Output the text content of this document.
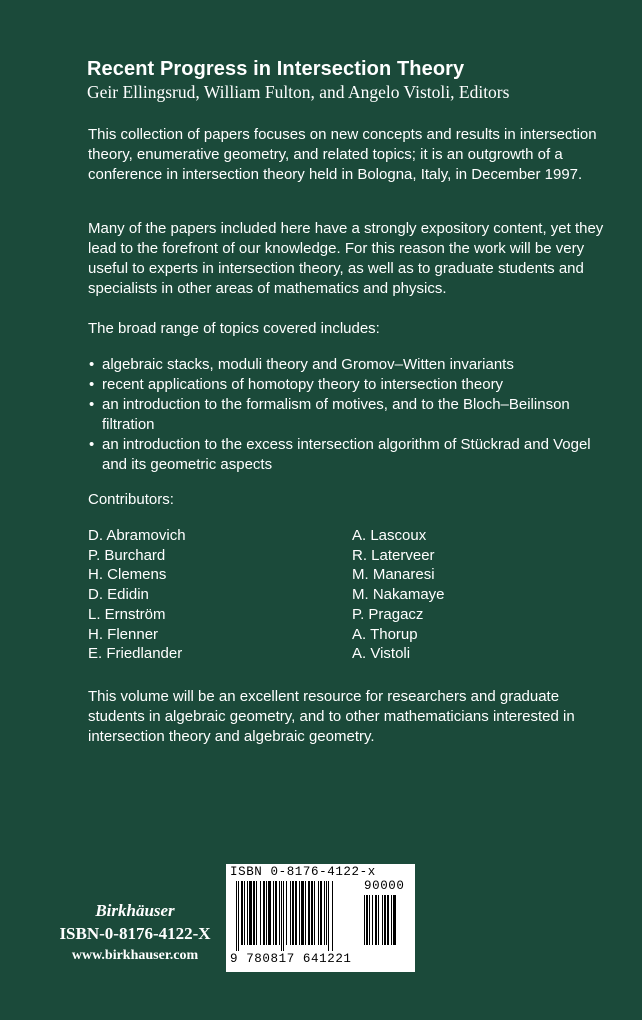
Recent Progress in Intersection Theory
Geir Ellingsrud, William Fulton, and Angelo Vistoli, Editors

This collection of papers focuses on new concepts and results in intersection theory, enumerative geometry, and related topics; it is an outgrowth of a conference in intersection theory held in Bologna, Italy, in December 1997.

Many of the papers included here have a strongly expository content, yet they lead to the forefront of our knowledge. For this reason the work will be very useful to experts in intersection theory, as well as to graduate students and specialists in other areas of mathematics and physics.

The broad range of topics covered includes:

• algebraic stacks, moduli theory and Gromov–Witten invariants
• recent applications of homotopy theory to intersection theory
• an introduction to the formalism of motives, and to the Bloch–Beilinson filtration
• an introduction to the excess intersection algorithm of Stückrad and Vogel and its geometric aspects

Contributors:

D. Abramovich
P. Burchard
H. Clemens
D. Edidin
L. Ernström
H. Flenner
E. Friedlander
A. Lascoux
R. Laterveer
M. Manaresi
M. Nakamaye
P. Pragacz
A. Thorup
A. Vistoli

This volume will be an excellent resource for researchers and graduate students in algebraic geometry, and to other mathematicians interested in intersection theory and algebraic geometry.

Birkhäuser
ISBN-0-8176-4122-X
www.birkhauser.com
ISBN 0-8176-4122-x
90000
9 780817 641221
